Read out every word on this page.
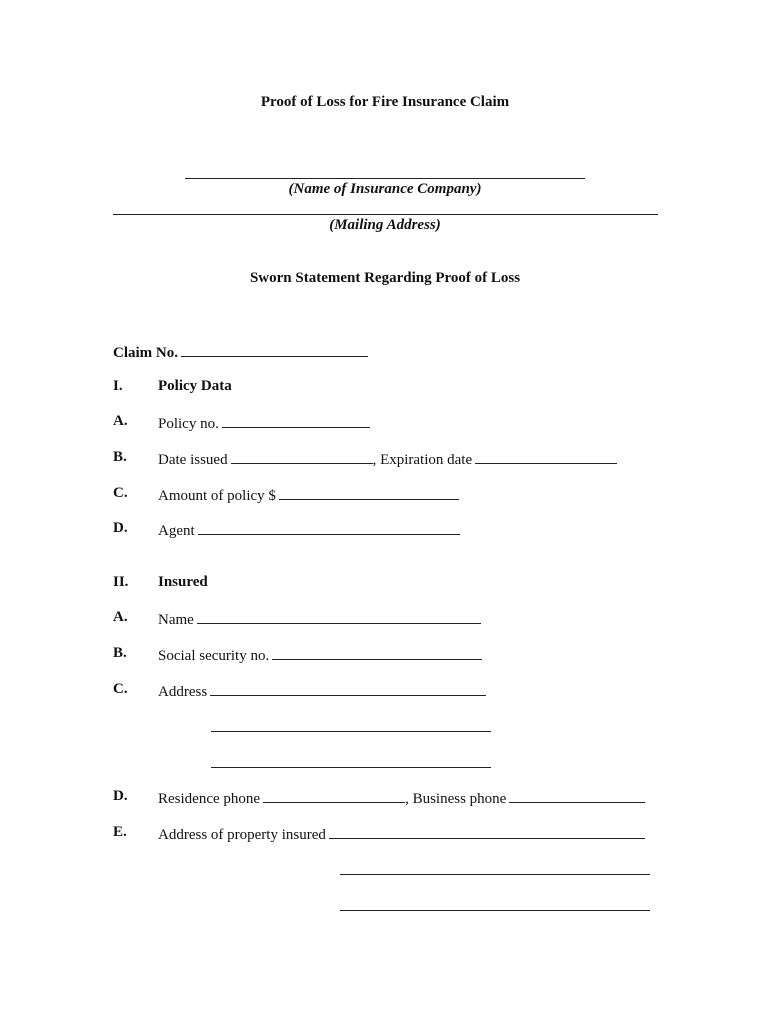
Proof of Loss for Fire Insurance Claim
(Name of Insurance Company)
(Mailing Address)
Sworn Statement Regarding Proof of Loss
Claim No.
I. Policy Data
A. Policy no.
B. Date issued	, Expiration date
C. Amount of policy $
D. Agent
II. Insured
A. Name
B. Social security no.
C. Address
D. Residence phone	, Business phone
E. Address of property insured
